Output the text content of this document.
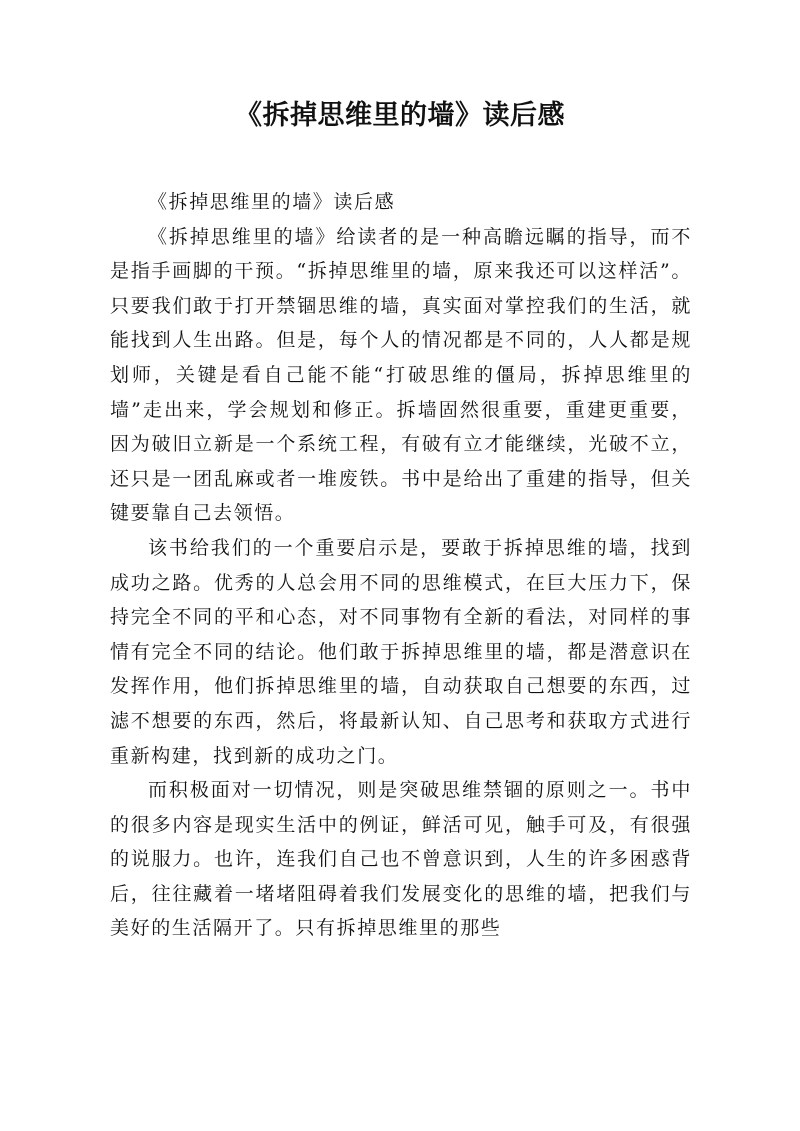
《拆掉思维里的墙》读后感

《拆掉思维里的墙》读后感

《拆掉思维里的墙》给读者的是一种高瞻远瞩的指导，而不是指手画脚的干预。“拆掉思维里的墙，原来我还可以这样活”。只要我们敢于打开禁锢思维的墙，真实面对掌控我们的生活，就能找到人生出路。但是，每个人的情况都是不同的，人人都是规划师，关键是看自己能不能“打破思维的僵局，拆掉思维里的墙”走出来，学会规划和修正。拆墙固然很重要，重建更重要，因为破旧立新是一个系统工程，有破有立才能继续，光破不立，还只是一团乱麻或者一堆废铁。书中是给出了重建的指导，但关键要靠自己去领悟。

该书给我们的一个重要启示是，要敢于拆掉思维的墙，找到成功之路。优秀的人总会用不同的思维模式，在巨大压力下，保持完全不同的平和心态，对不同事物有全新的看法，对同样的事情有完全不同的结论。他们敢于拆掉思维里的墙，都是潜意识在发挥作用，他们拆掉思维里的墙，自动获取自己想要的东西，过滤不想要的东西，然后，将最新认知、自己思考和获取方式进行重新构建，找到新的成功之门。

而积极面对一切情况，则是突破思维禁锢的原则之一。书中的很多内容是现实生活中的例证，鲜活可见，触手可及，有很强的说服力。也许，连我们自己也不曾意识到，人生的许多困惑背后，往往藏着一堵堵阻碍着我们发展变化的思维的墙，把我们与美好的生活隔开了。只有拆掉思维里的那些
